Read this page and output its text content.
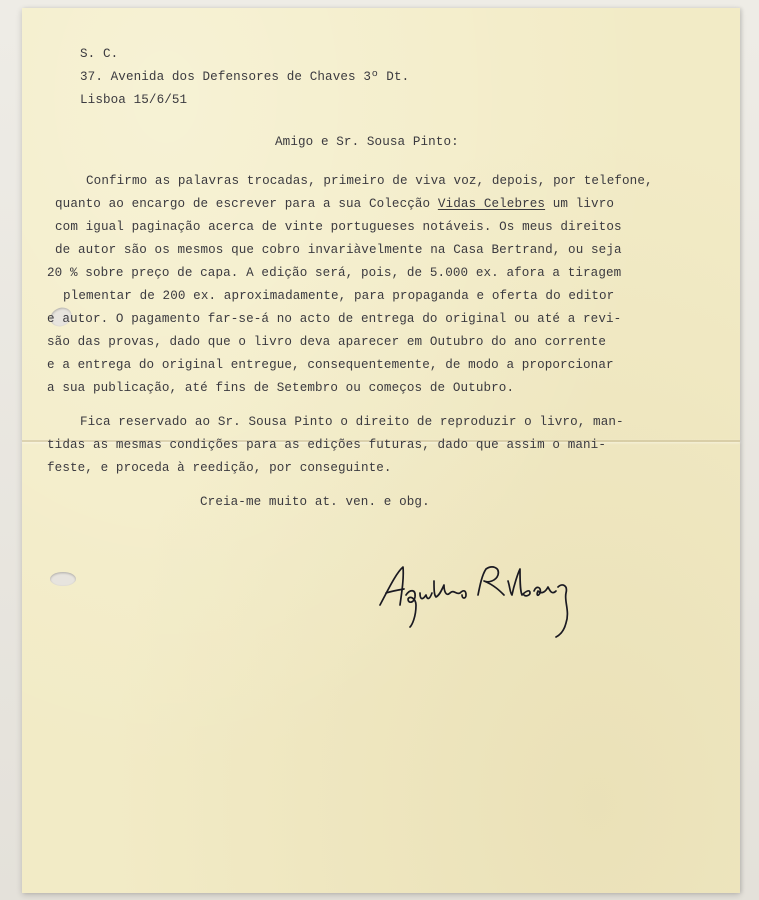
S. C.
37. Avenida dos Defensores de Chaves 3º Dt.
Lisboa 15/6/51
Amigo e Sr. Sousa Pinto:
Confirmo as palavras trocadas, primeiro de viva voz, depois, por telefone,
quanto ao encargo de escrever para a sua Colecção Vidas Celebres um livro
com igual paginação acerca de vinte portugueses notáveis. Os meus direitos
de autor são os mesmos que cobro invariàvelmente na Casa Bertrand, ou seja
20 % sobre preço de capa. A edição será, pois, de 5.000 ex. afora a tiragem
plementar de 200 ex. aproximadamente, para propaganda e oferta do editor
e autor. O pagamento far-se-á no acto de entrega do original ou até a revi-
são das provas, dado que o livro deva aparecer em Outubro do ano corrente
e a entrega do original entregue, consequentemente, de modo a proporcionar
a sua publicação, até fins de Setembro ou começos de Outubro.
Fica reservado ao Sr. Sousa Pinto o direito de reproduzir o livro, man-
tidas as mesmas condições para as edições futuras, dado que assim o mani-
feste, e proceda à reedição, por conseguinte.
Creia-me muito at. ven. e obg.
